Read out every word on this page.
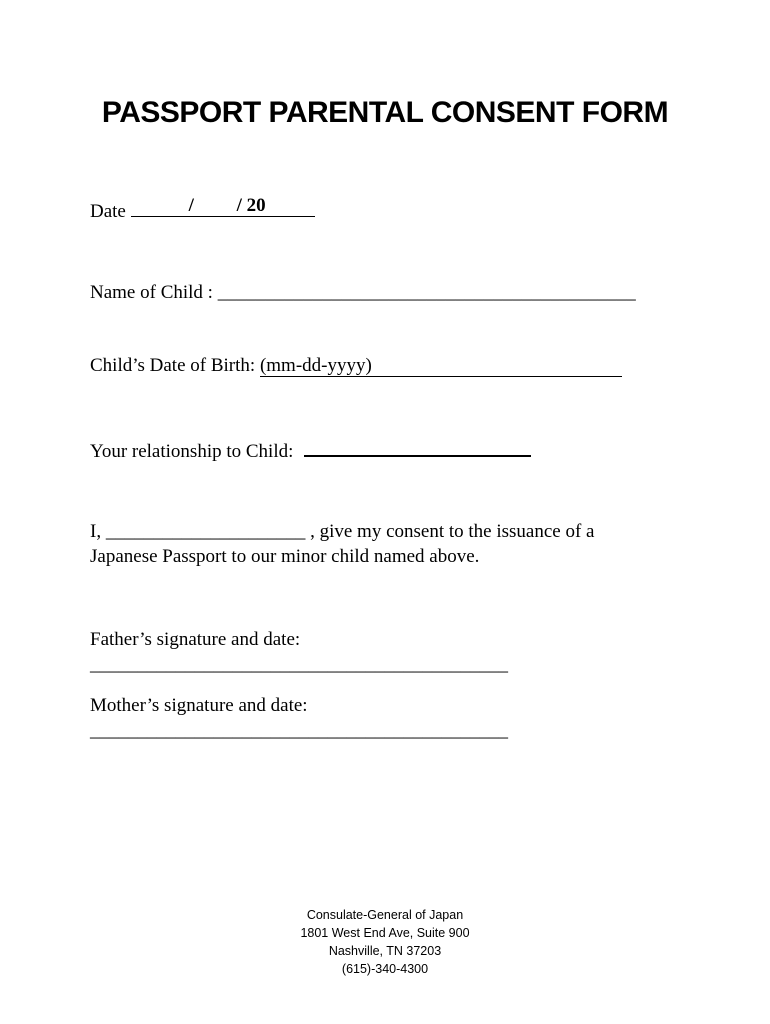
PASSPORT PARENTAL CONSENT FORM
Date	/ / 20
Name of Child : ____________________________________________
Child’s Date of Birth: (mm-dd-yyyy)
Your relationship to Child:
I, _____________________ , give my consent to the issuance of a
Japanese Passport to our minor child named above.
Father’s signature and date:
____________________________________________
Mother’s signature and date:
____________________________________________
Consulate-General of Japan
1801 West End Ave, Suite 900
Nashville, TN 37203
(615)-340-4300
